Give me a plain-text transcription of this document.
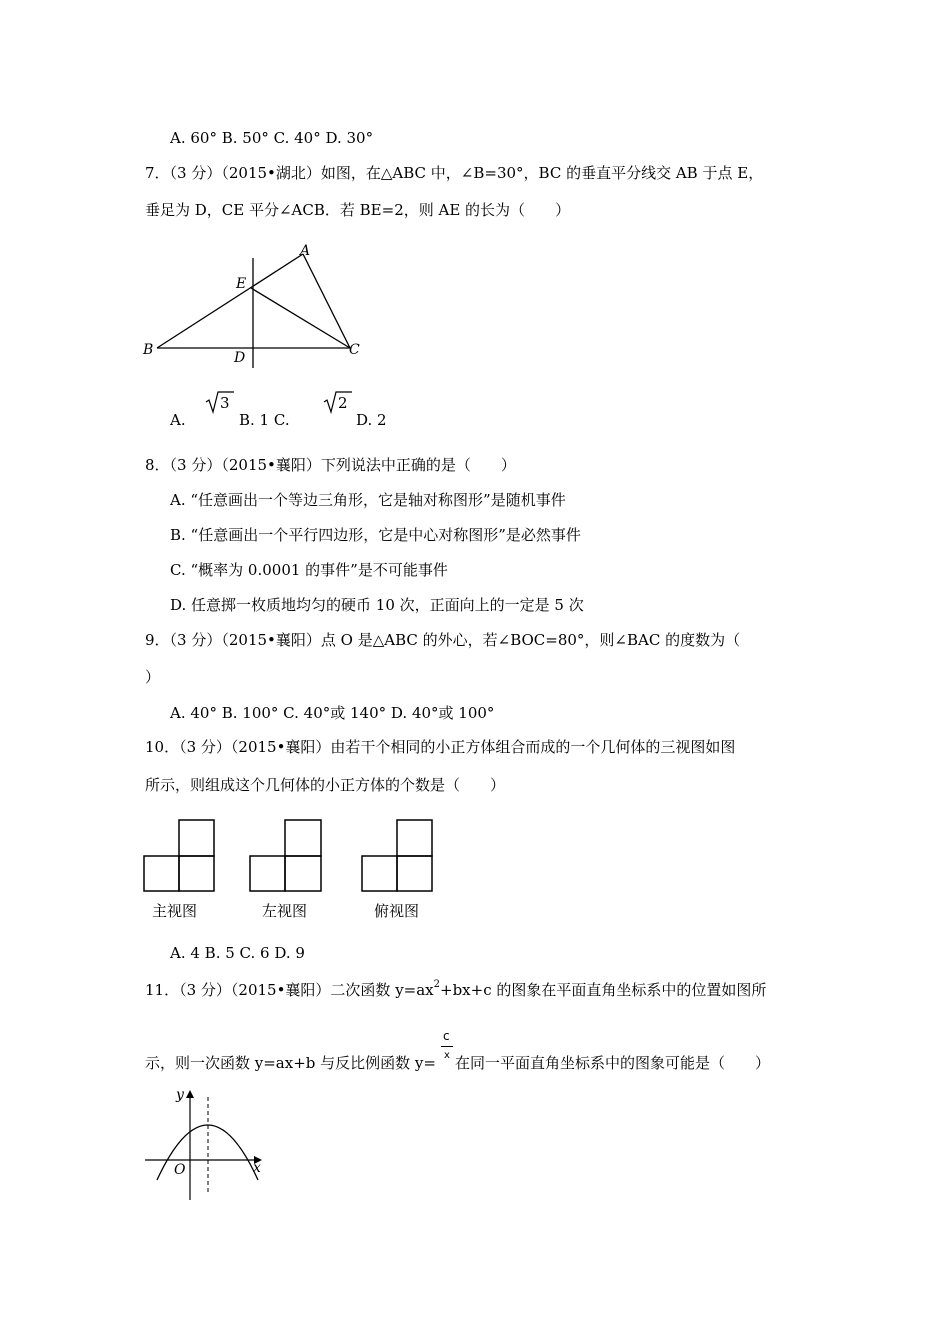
A. 60° B. 50° C. 40° D. 30°
7．（3 分）（2015•湖北）如图，在△ABC 中，∠B=30°，BC 的垂直平分线交 AB 于点 E，
垂足为 D，CE 平分∠ACB．若 BE=2，则 AE 的长为（　　）
A
E
B	D	C
A.
3
B. 1 C.
2
D. 2
8．（3 分）（2015•襄阳）下列说法中正确的是（　　）
A. “任意画出一个等边三角形，它是轴对称图形”是随机事件
B. “任意画出一个平行四边形，它是中心对称图形”是必然事件
C. “概率为 0.0001 的事件”是不可能事件
D. 任意掷一枚质地均匀的硬币 10 次，正面向上的一定是 5 次
9．（3 分）（2015•襄阳）点 O 是△ABC 的外心，若∠BOC=80°，则∠BAC 的度数为（
）
A. 40° B. 100° C. 40°或 140° D. 40°或 100°
10．（3 分）（2015•襄阳）由若干个相同的小正方体组合而成的一个几何体的三视图如图
所示，则组成这个几何体的小正方体的个数是（　　）
主视图	左视图	俯视图
A. 4 B. 5 C. 6 D. 9
11．（3 分）（2015•襄阳）二次函数 $y=ax^2+bx+c$ 的图象在平面直角坐标系中的位置如图所
c
x
示，则一次函数 y=ax+b 与反比例函数 y= 在同一平面直角坐标系中的图象可能是（　　）
y
x
O
